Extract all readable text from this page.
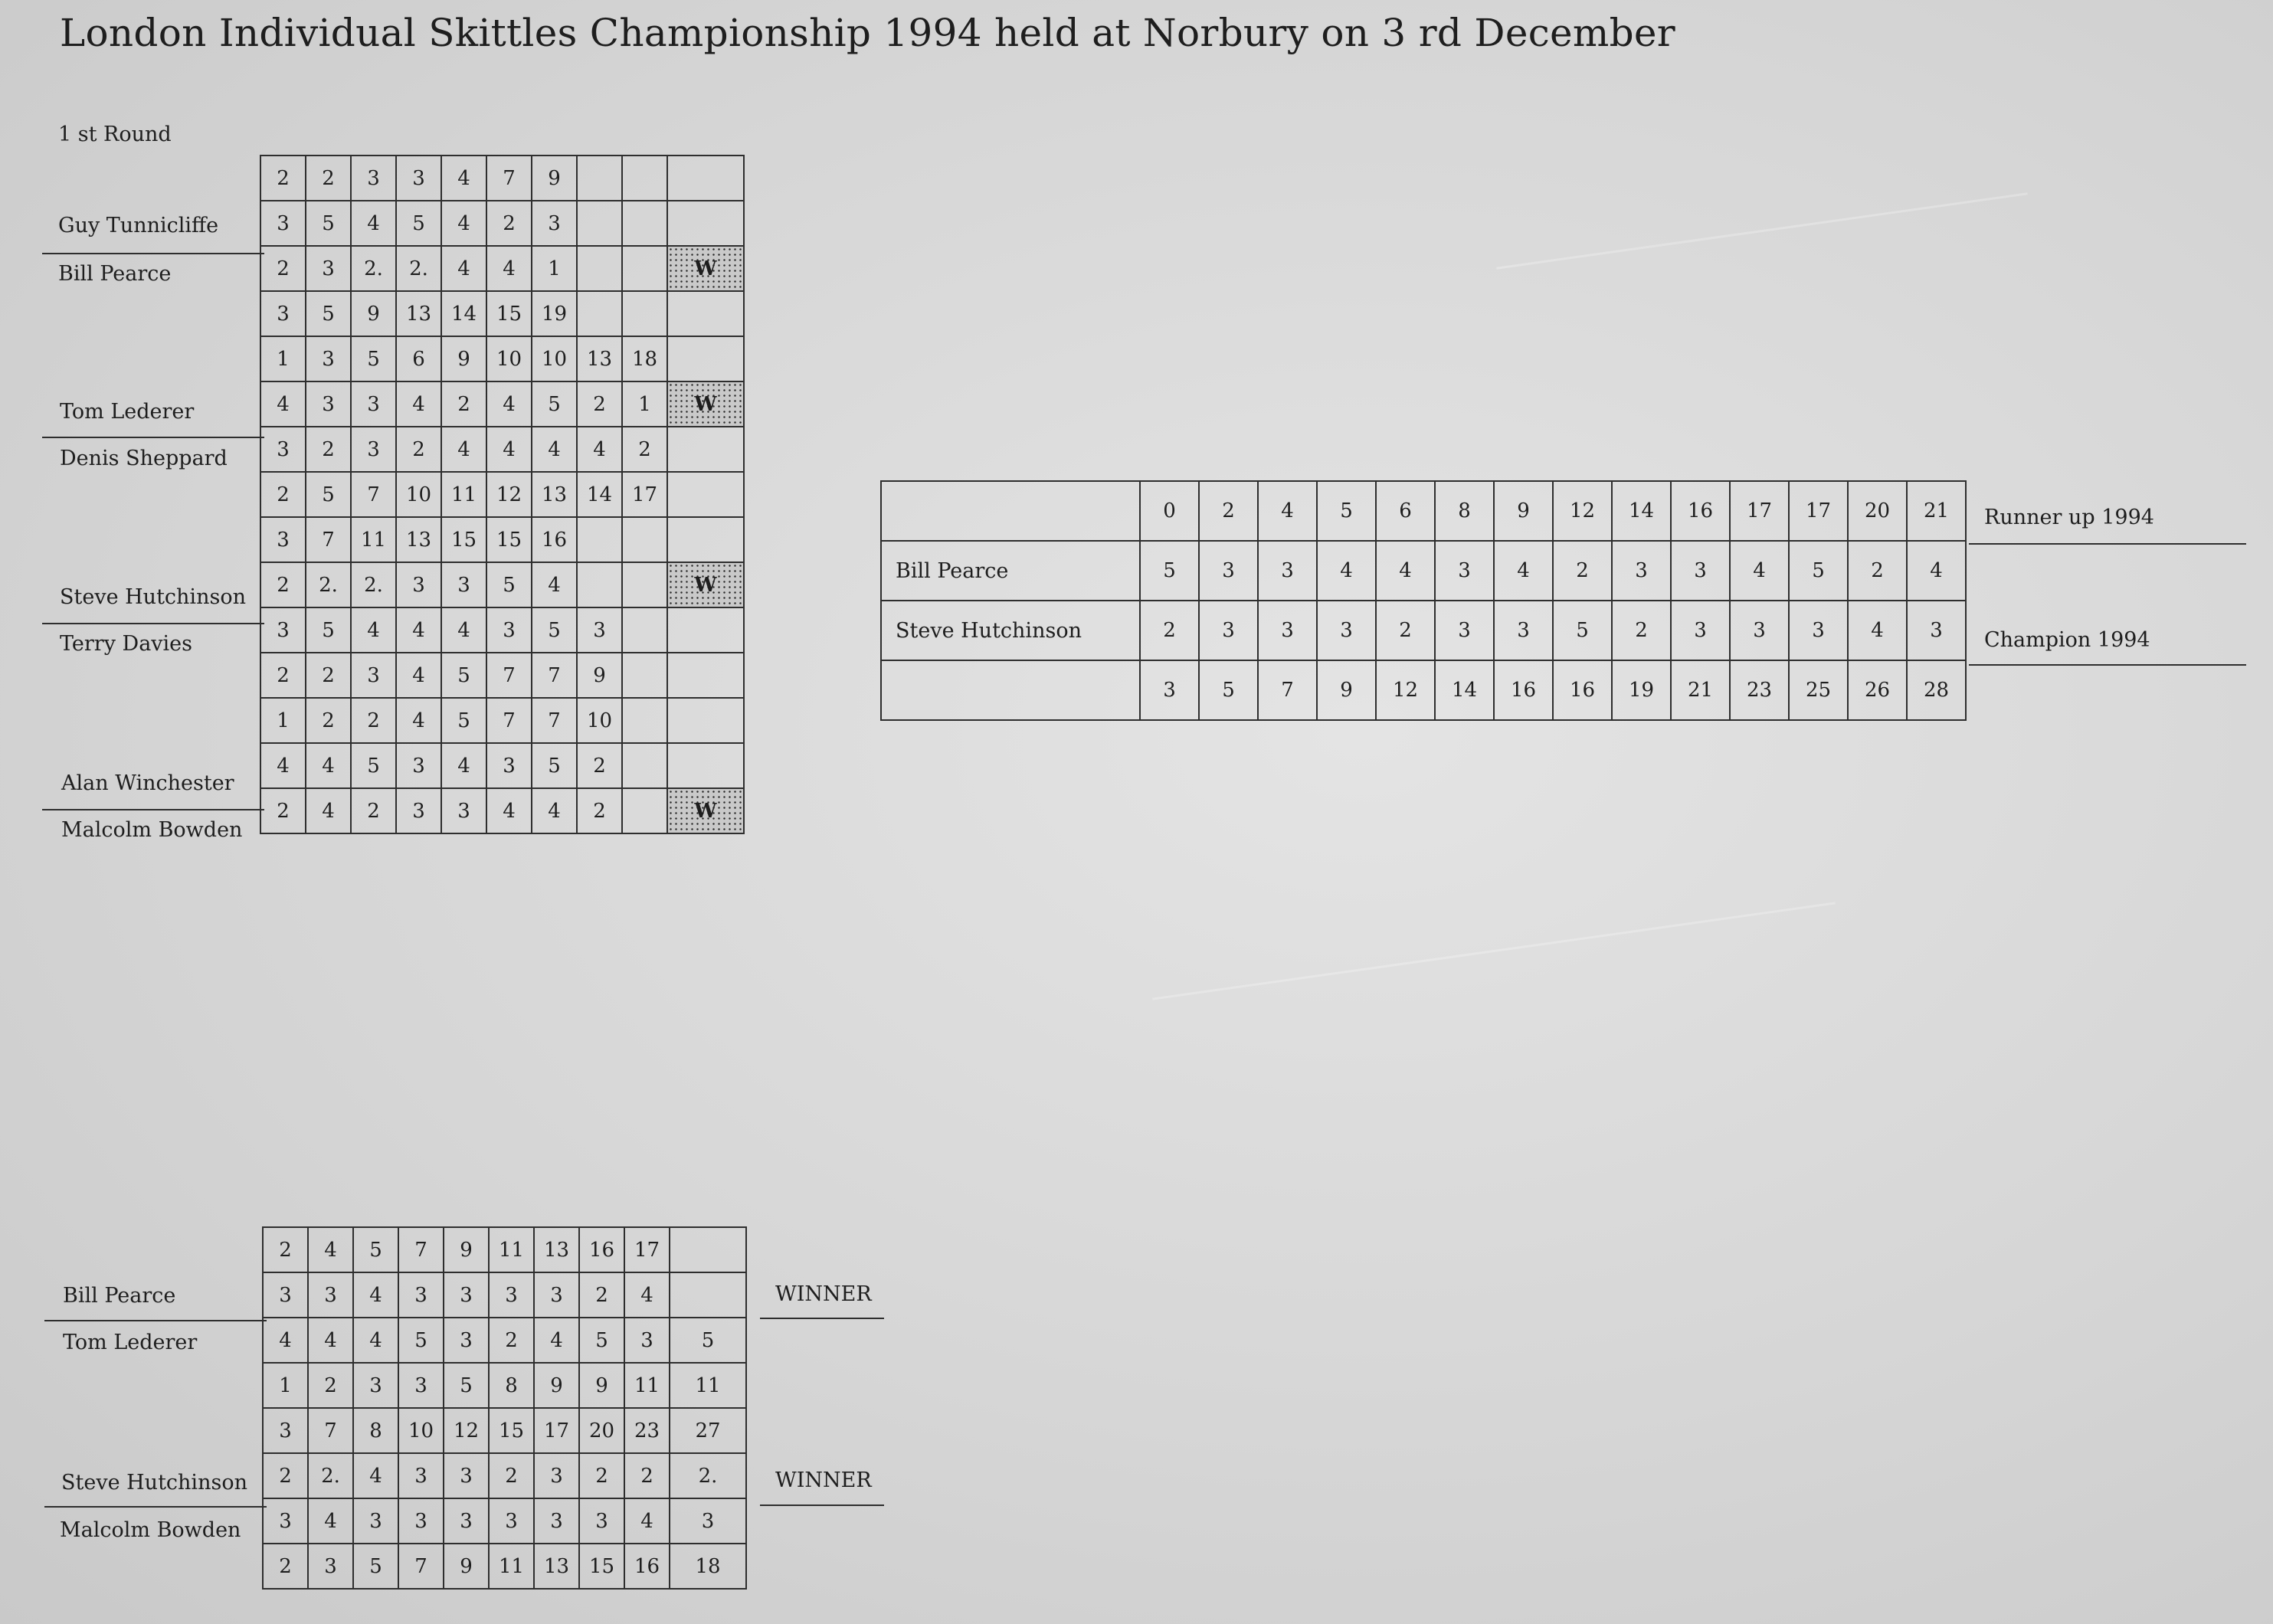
London Individual Skittles Championship 1994 held at Norbury on 3 rd December
1 st Round
2	2	3	3	4	7	9			
3	5	4	5	4	2	3			
2	3	2.	2.	4	4	1			W
3	5	9	13	14	15	19			
1	3	5	6	9	10	10	13	18	
4	3	3	4	2	4	5	2	1	W
3	2	3	2	4	4	4	4	2	
2	5	7	10	11	12	13	14	17	
3	7	11	13	15	15	16			
2	2.	2.	3	3	5	4			W
3	5	4	4	4	3	5	3		
2	2	3	4	5	7	7	9		
1	2	2	4	5	7	7	10		
4	4	5	3	4	3	5	2		
2	4	2	3	3	4	4	2		W
Guy Tunnicliffe
Bill Pearce
Tom Lederer
Denis Sheppard
Steve Hutchinson
Terry Davies
Alan Winchester
Malcolm Bowden
	0	2	4	5	6	8	9	12	14	16	17	17	20	21
Bill Pearce	5	3	3	4	4	3	4	2	3	3	4	5	2	4
Steve Hutchinson	2	3	3	3	2	3	3	5	2	3	3	3	4	3
	3	5	7	9	12	14	16	16	19	21	23	25	26	28
Runner up 1994
Champion 1994
2	4	5	7	9	11	13	16	17	
3	3	4	3	3	3	3	2	4	
4	4	4	5	3	2	4	5	3	5
1	2	3	3	5	8	9	9	11	11
3	7	8	10	12	15	17	20	23	27
2	2.	4	3	3	2	3	2	2	2.
3	4	3	3	3	3	3	3	4	3
2	3	5	7	9	11	13	15	16	18
Bill Pearce
Tom Lederer
Steve Hutchinson
Malcolm Bowden
WINNER
WINNER
